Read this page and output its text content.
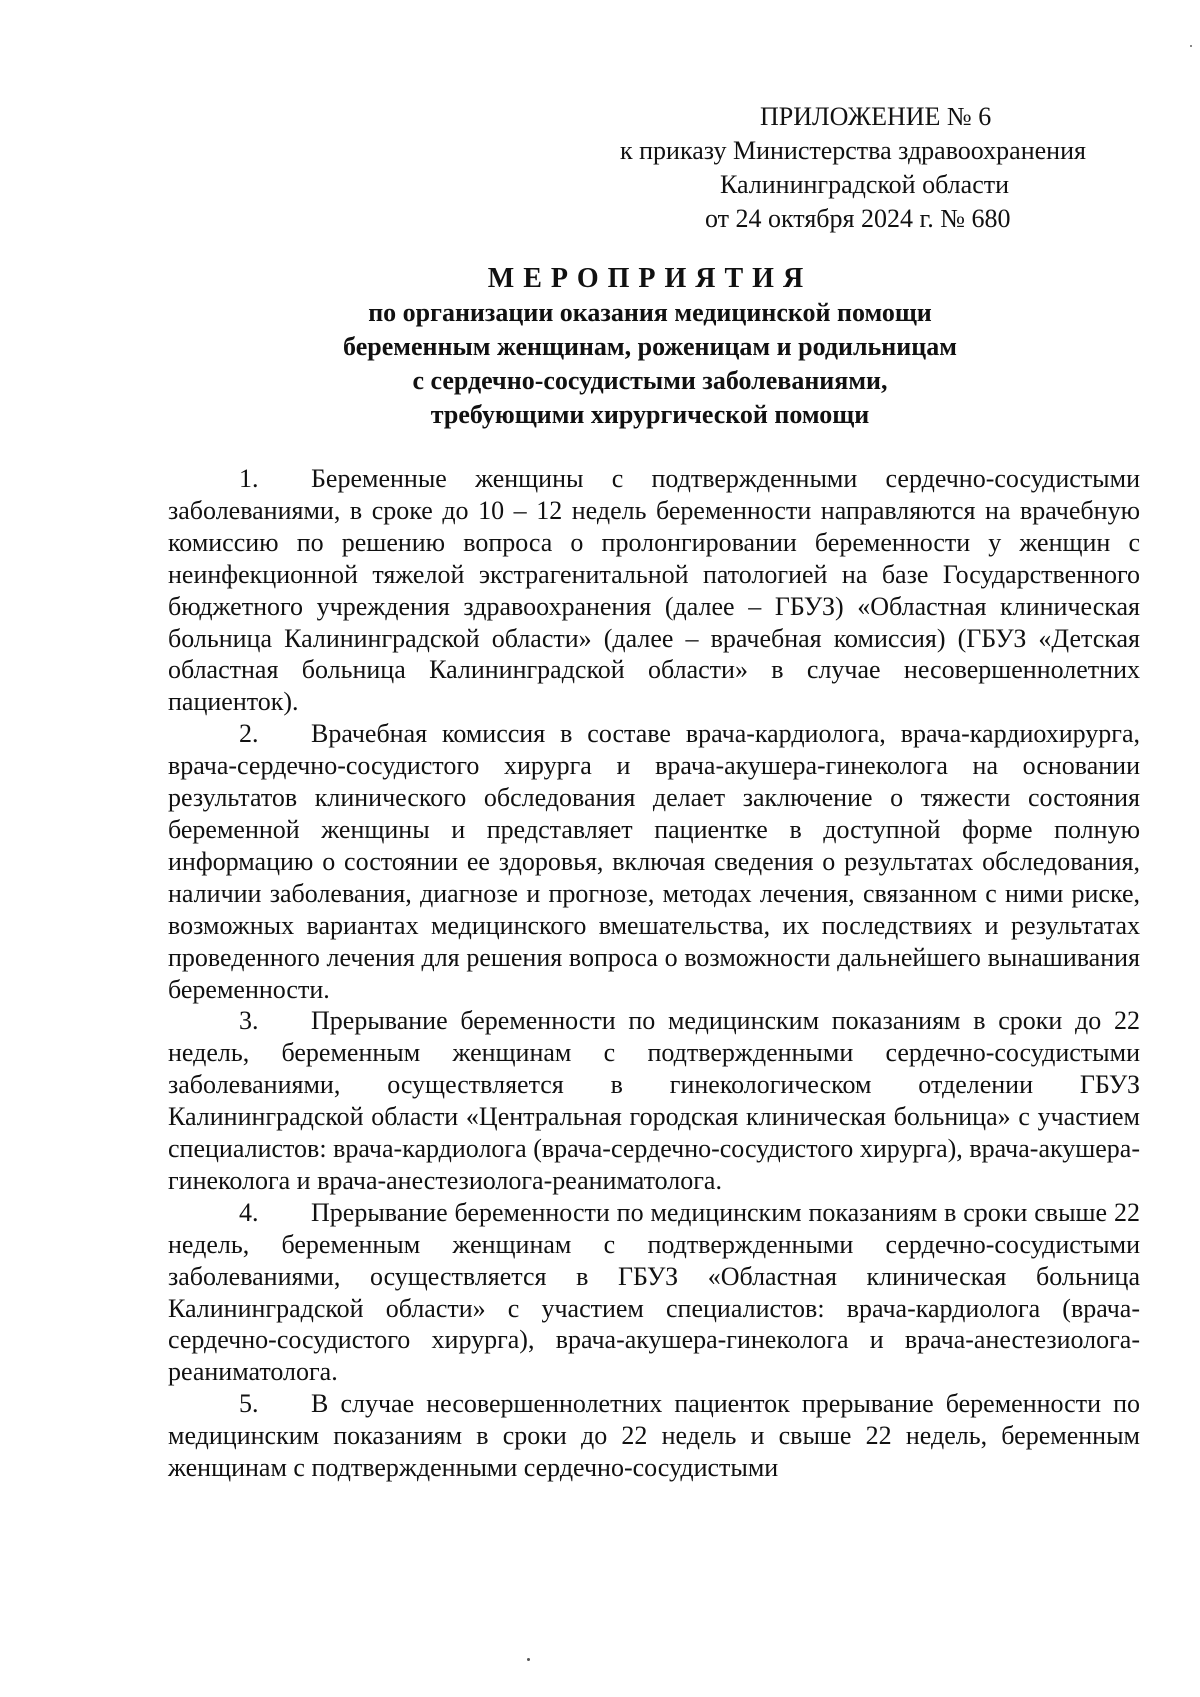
ПРИЛОЖЕНИЕ № 6
к приказу Министерства здравоохранения
Калининградской области
от 24 октября 2024 г. № 680
МЕРОПРИЯТИЯ
по организации оказания медицинской помощи
беременным женщинам, роженицам и родильницам
с сердечно-сосудистыми заболеваниями,
требующими хирургической помощи

1. Беременные женщины с подтвержденными сердечно-сосудистыми заболеваниями, в сроке до 10 – 12 недель беременности направляются на врачебную комиссию по решению вопроса о пролонгировании беременности у женщин с неинфекционной тяжелой экстрагенитальной патологией на базе Государственного бюджетного учреждения здравоохранения (далее – ГБУЗ) «Областная клиническая больница Калининградской области» (далее – врачебная комиссия) (ГБУЗ «Детская областная больница Калининградской области» в случае несовершеннолетних пациенток).

2. Врачебная комиссия в составе врача-кардиолога, врача-кардиохирурга, врача-сердечно-сосудистого хирурга и врача-акушера-гинеколога на основании результатов клинического обследования делает заключение о тяжести состояния беременной женщины и представляет пациентке в доступной форме полную информацию о состоянии ее здоровья, включая сведения о результатах обследования, наличии заболевания, диагнозе и прогнозе, методах лечения, связанном с ними риске, возможных вариантах медицинского вмешательства, их последствиях и результатах проведенного лечения для решения вопроса о возможности дальнейшего вынашивания беременности.

3. Прерывание беременности по медицинским показаниям в сроки до 22 недель, беременным женщинам с подтвержденными сердечно-сосудистыми заболеваниями, осуществляется в гинекологическом отделении ГБУЗ Калининградской области «Центральная городская клиническая больница» с участием специалистов: врача-кардиолога (врача-сердечно-сосудистого хирурга), врача-акушера-гинеколога и врача-анестезиолога-реаниматолога.

4. Прерывание беременности по медицинским показаниям в сроки свыше 22 недель, беременным женщинам с подтвержденными сердечно-сосудистыми заболеваниями, осуществляется в ГБУЗ «Областная клиническая больница Калининградской области» с участием специалистов: врача-кардиолога (врача-сердечно-сосудистого хирурга), врача-акушера-гинеколога и врача-анестезиолога-реаниматолога.

5. В случае несовершеннолетних пациенток прерывание беременности по медицинским показаниям в сроки до 22 недель и свыше 22 недель, беременным женщинам с подтвержденными сердечно-сосудистыми
